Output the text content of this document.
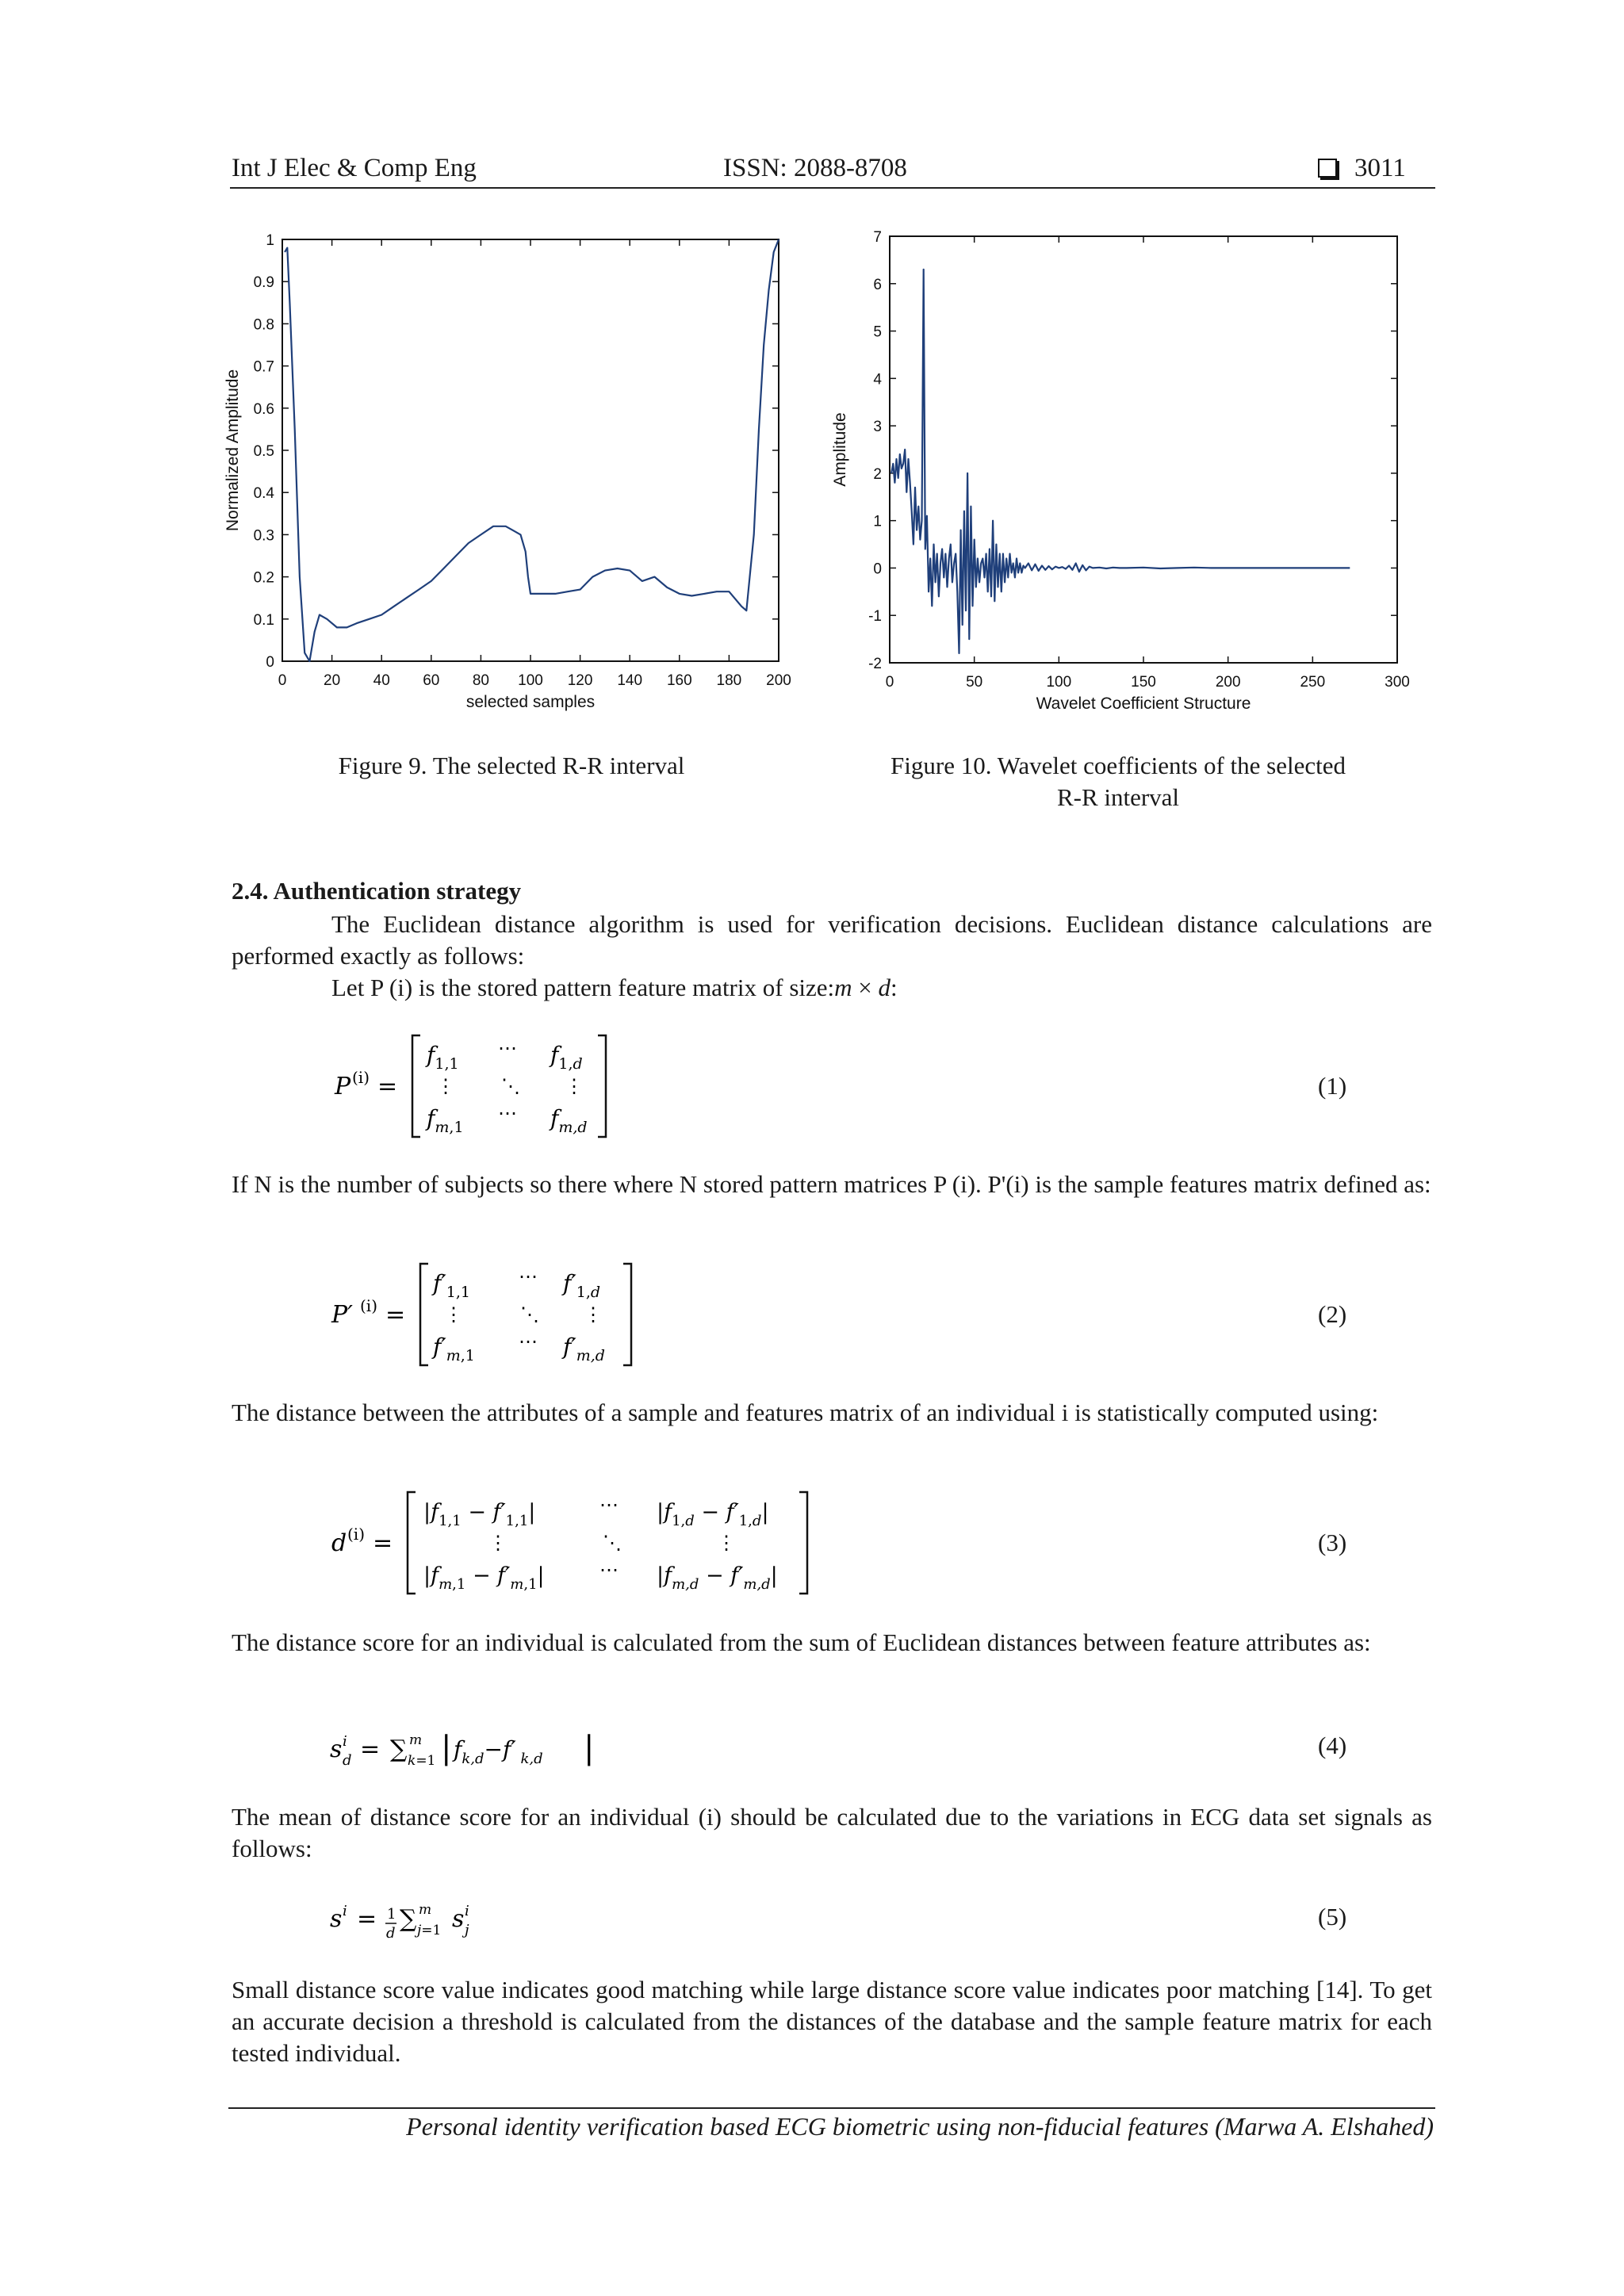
Int J Elec & Comp Eng	ISSN: 2088-8708	3011
0 20 40 60 80 100 120 140 160 180 200
0
0.1
0.2
0.3
0.4
0.5
0.6
0.7
0.8
0.9
1
selected samples
Normalized Amplitude
0	50	100	150	200	250	300
-2
-1
0
1
2
3
4
5
6
7
Wavelet Coefficient Structure
Amplitude
Figure 9. The selected R-R interval	Figure 10. Wavelet coefficients of the selected
R-R interval
2.4. Authentication strategy
The Euclidean distance algorithm is used for verification decisions. Euclidean distance calculations are performed exactly as follows:
Let P (i) is the stored pattern feature matrix of size:m × d:
P (i) =
$f_{1,1}$
⋯ $f_{1,}d$
⋮ ⋱ ⋮
$f_m,1$
⋯ $f_{m,d}$
(1)
If N is the number of subjects so there where N stored pattern matrices P (i). P'(i) is the sample features matrix defined as:
P′ (i) =
$f'_{1,1}$
⋯ $f'_{1,}d$
⋮	⋱ ⋮
$f'_m,1$
⋯ $f'_{m,d}$
(2)
The distance between the attributes of a sample and features matrix of an individual i is statistically computed using:
d (i) =
$|f_{1,1} - f'_{1,1}|$	⋯ $|f_{1,}d - f'_{1,}d|$
⋮	⋱	⋮
$|f_m,1 - f'_m,1|$	⋯ $|f_{m,d} - f'_{m,d}|$
(3)
The distance score for an individual is calculated from the sum of Euclidean distances between feature attributes as:
s i
d = ∑ m
k=1 | $f_{k,d}-f'$ $_{k,d}$ |	(4)
The mean of distance score for an individual (i) should be calculated due to the variations in ECG data set signals as follows:
s i = 1
d
∑ m
j=1 s i
j	(5)
Small distance score value indicates good matching while large distance score value indicates poor matching [14]. To get an accurate decision a threshold is calculated from the distances of the database and the sample feature matrix for each tested individual.
Personal identity verification based ECG biometric using non-fiducial features (Marwa A. Elshahed)
